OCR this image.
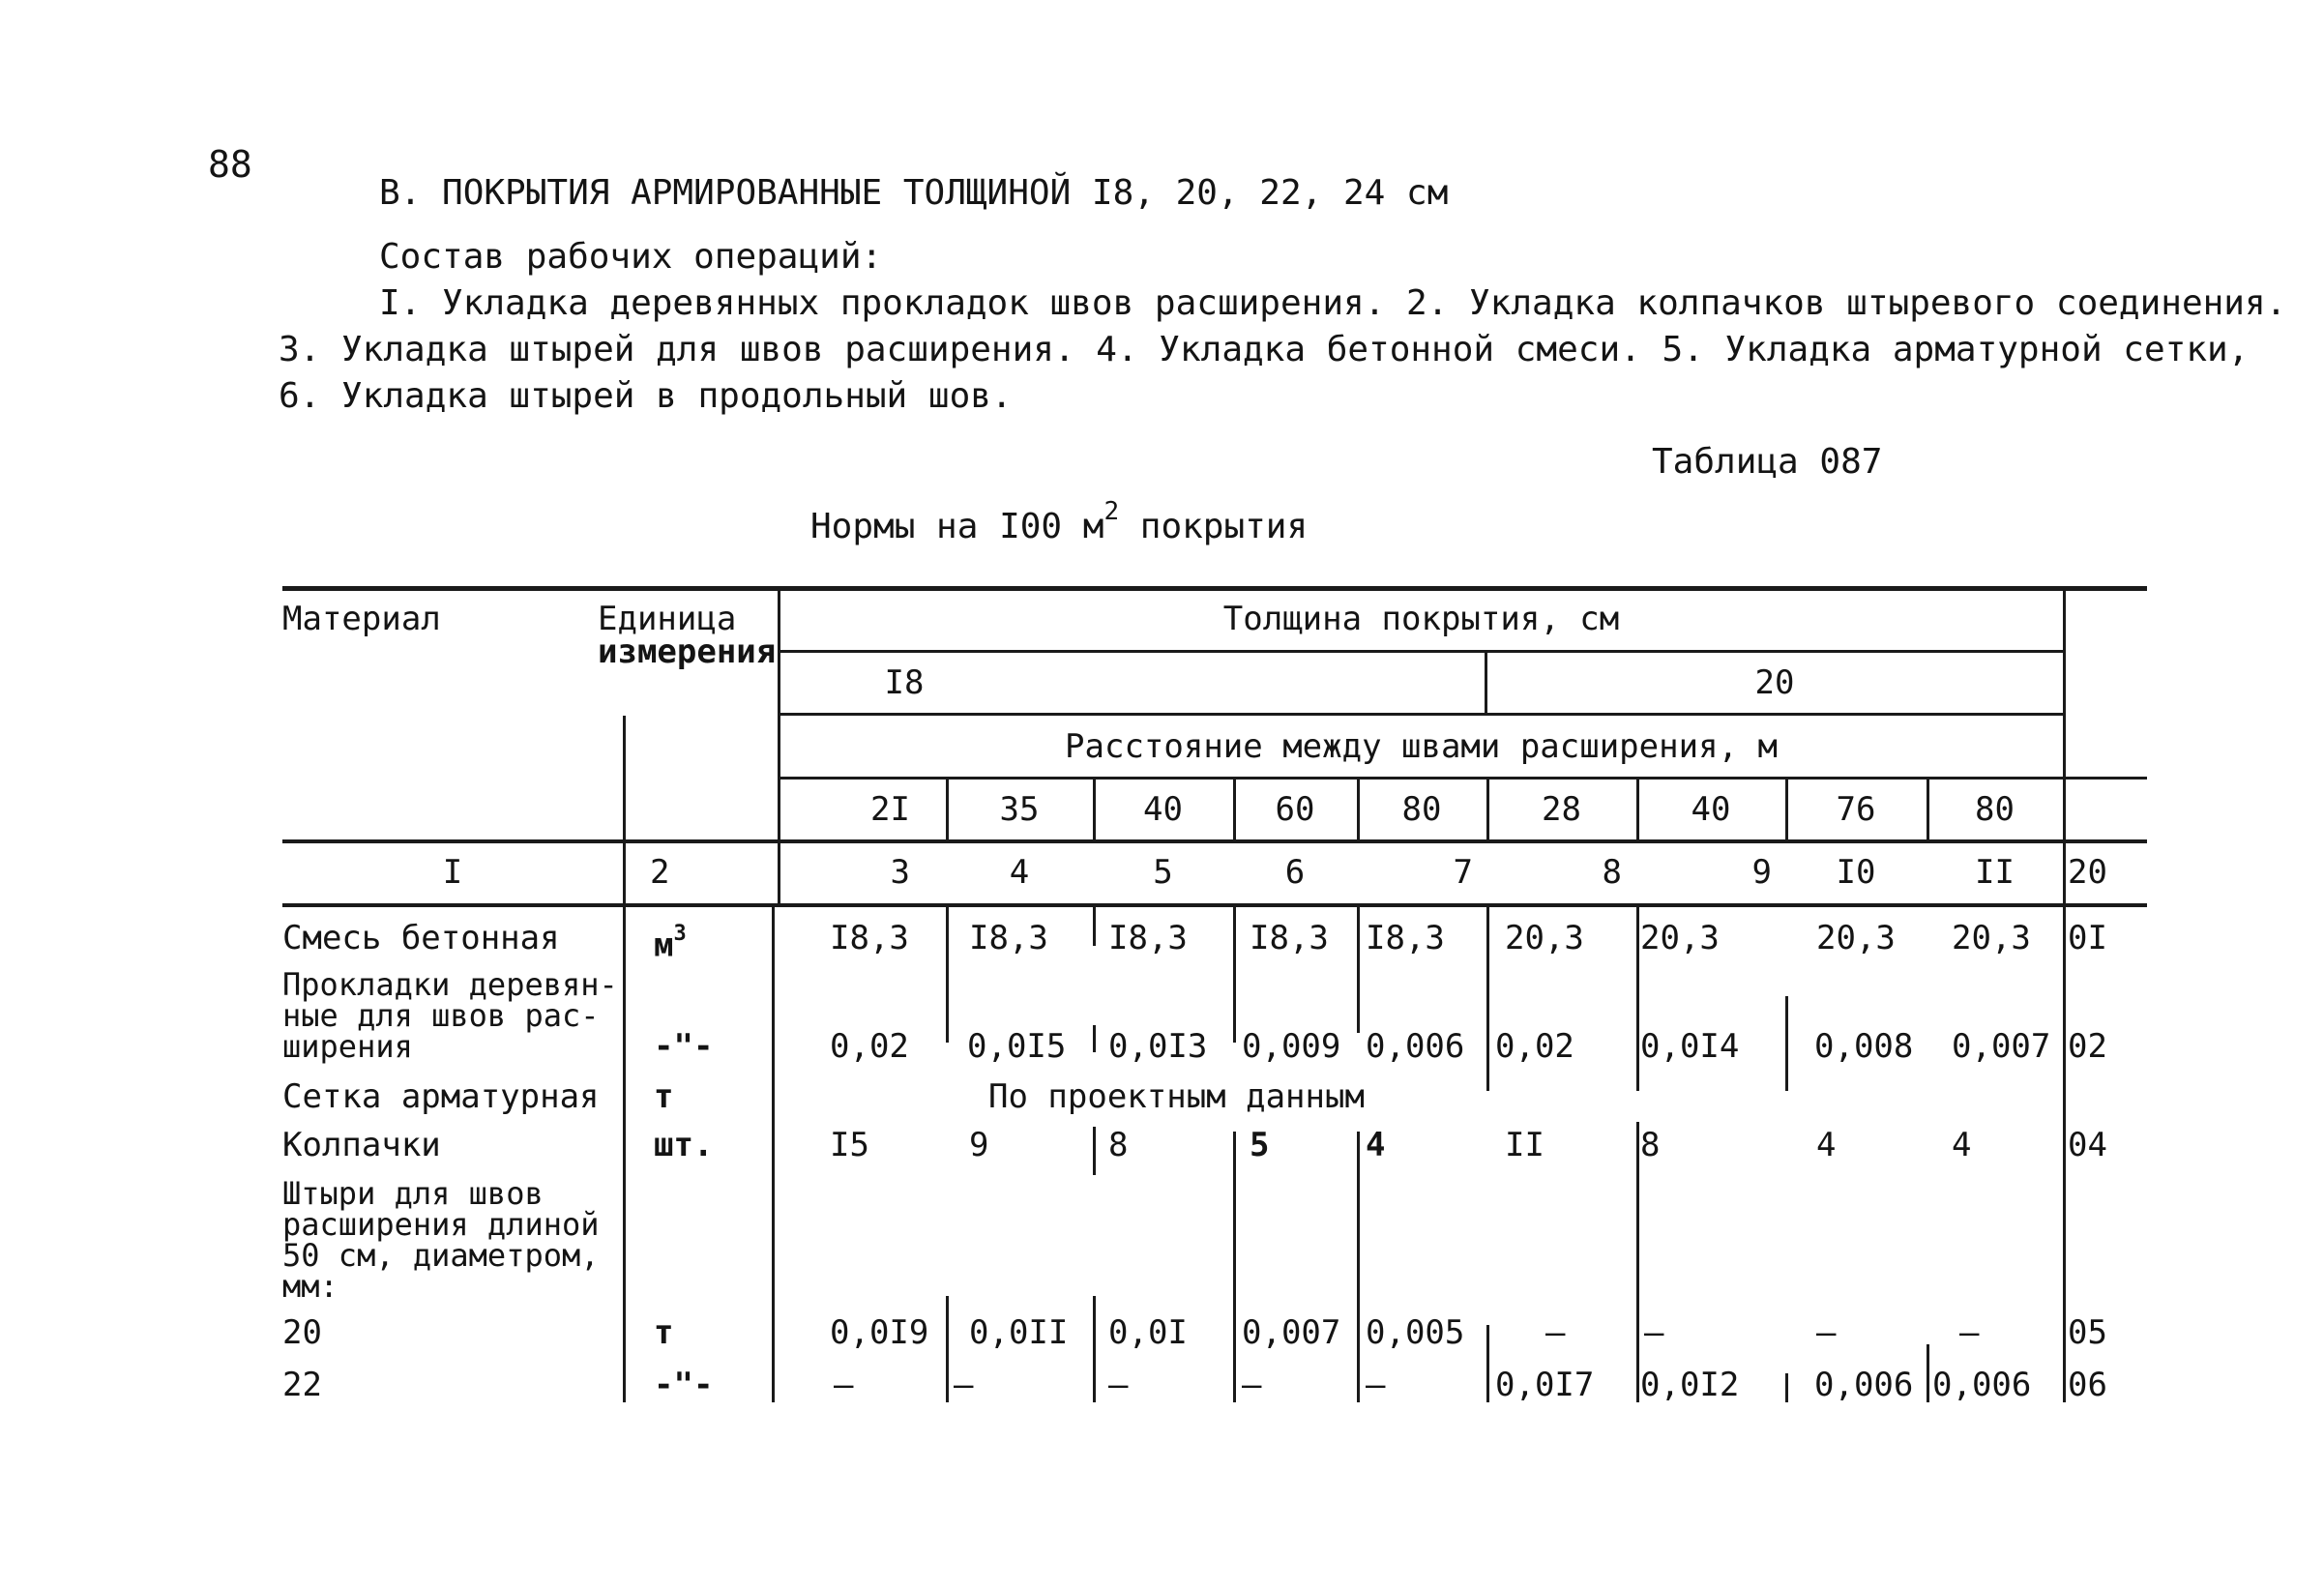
88
В. ПОКРЫТИЯ АРМИРОВАННЫЕ ТОЛЩИНОЙ I8, 20, 22, 24 см
Состав рабочих операций:
I. Укладка деревянных прокладок швов расширения. 2. Укладка колпачков штыревого соединения.
3. Укладка штырей для швов расширения. 4. Укладка бетонной смеси. 5. Укладка арматурной сетки,
6. Укладка штырей в продольный шов.
Таблица 087
Нормы на I00 $м^2$ покрытия
Материал	Единица
измерения
Толщина покрытия, см
I8	20
Расстояние между швами расширения, м
2I	35	40	60	80	28	40	76	80
I	2	3	4	5	6	7	8	9	I0	II	20
Смесь бетонная	$м^3$	I8,3 I8,3 I8,3 I8,3 I8,3 20,3 20,3	20,3 20,3 0I
Прокладки деревян-
ные для швов рас-
ширения	-"-	0,02 0,0I5 0,0I3 0,009 0,006 0,02 0,0I4 0,008 0,007 02
Сетка арматурная т	По проектным данным
Колпачки	шт.	I5	9	8	5	4	II	8	4	4	04
Штыри для швов
расширения длиной
50 см, диаметром,
мм:
20	т	0,0I9 0,0II 0,0I 0,007 0,005 – –	–	–	05
22	-"-	–	–	–	–	–	0,0I7 0,0I2 0,006 0,006 06
